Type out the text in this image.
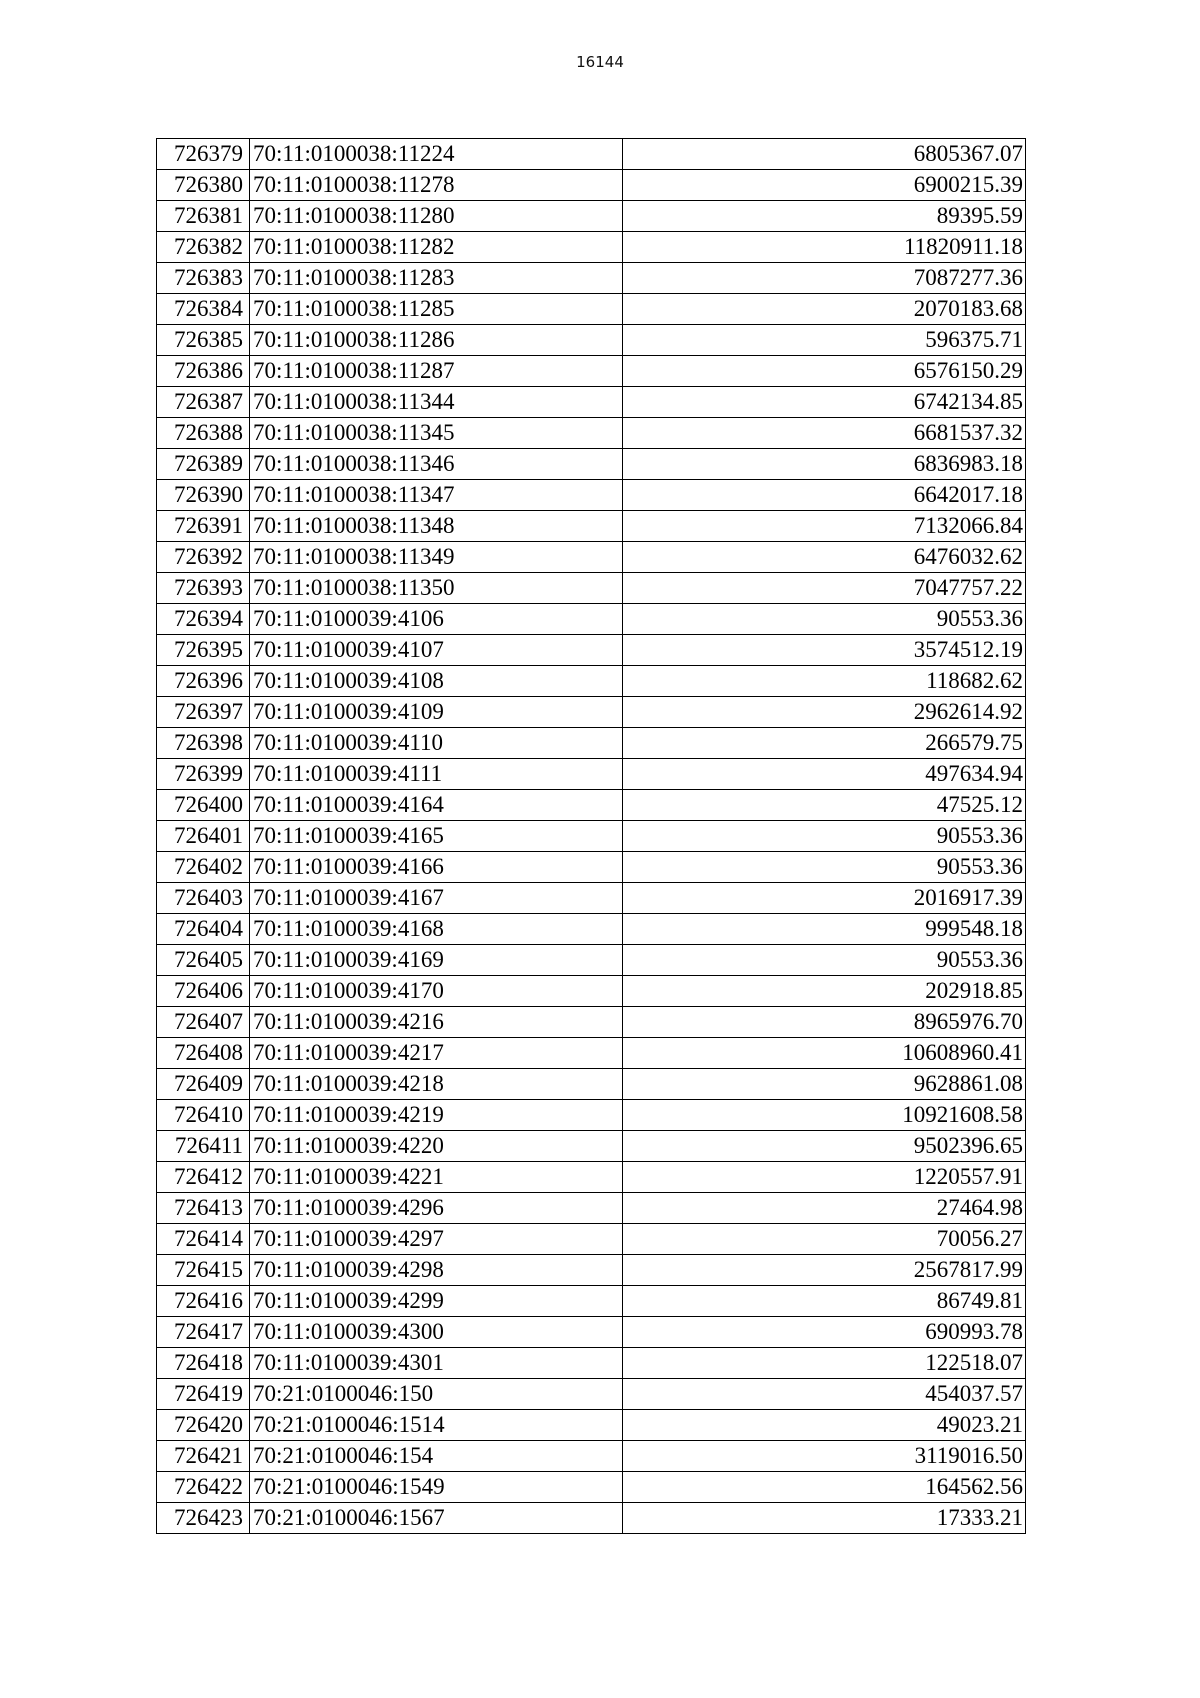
16144
726379	70:11:0100038:11224	6805367.07
726380	70:11:0100038:11278	6900215.39
726381	70:11:0100038:11280	89395.59
726382	70:11:0100038:11282	11820911.18
726383	70:11:0100038:11283	7087277.36
726384	70:11:0100038:11285	2070183.68
726385	70:11:0100038:11286	596375.71
726386	70:11:0100038:11287	6576150.29
726387	70:11:0100038:11344	6742134.85
726388	70:11:0100038:11345	6681537.32
726389	70:11:0100038:11346	6836983.18
726390	70:11:0100038:11347	6642017.18
726391	70:11:0100038:11348	7132066.84
726392	70:11:0100038:11349	6476032.62
726393	70:11:0100038:11350	7047757.22
726394	70:11:0100039:4106	90553.36
726395	70:11:0100039:4107	3574512.19
726396	70:11:0100039:4108	118682.62
726397	70:11:0100039:4109	2962614.92
726398	70:11:0100039:4110	266579.75
726399	70:11:0100039:4111	497634.94
726400	70:11:0100039:4164	47525.12
726401	70:11:0100039:4165	90553.36
726402	70:11:0100039:4166	90553.36
726403	70:11:0100039:4167	2016917.39
726404	70:11:0100039:4168	999548.18
726405	70:11:0100039:4169	90553.36
726406	70:11:0100039:4170	202918.85
726407	70:11:0100039:4216	8965976.70
726408	70:11:0100039:4217	10608960.41
726409	70:11:0100039:4218	9628861.08
726410	70:11:0100039:4219	10921608.58
726411	70:11:0100039:4220	9502396.65
726412	70:11:0100039:4221	1220557.91
726413	70:11:0100039:4296	27464.98
726414	70:11:0100039:4297	70056.27
726415	70:11:0100039:4298	2567817.99
726416	70:11:0100039:4299	86749.81
726417	70:11:0100039:4300	690993.78
726418	70:11:0100039:4301	122518.07
726419	70:21:0100046:150	454037.57
726420	70:21:0100046:1514	49023.21
726421	70:21:0100046:154	3119016.50
726422	70:21:0100046:1549	164562.56
726423	70:21:0100046:1567	17333.21
